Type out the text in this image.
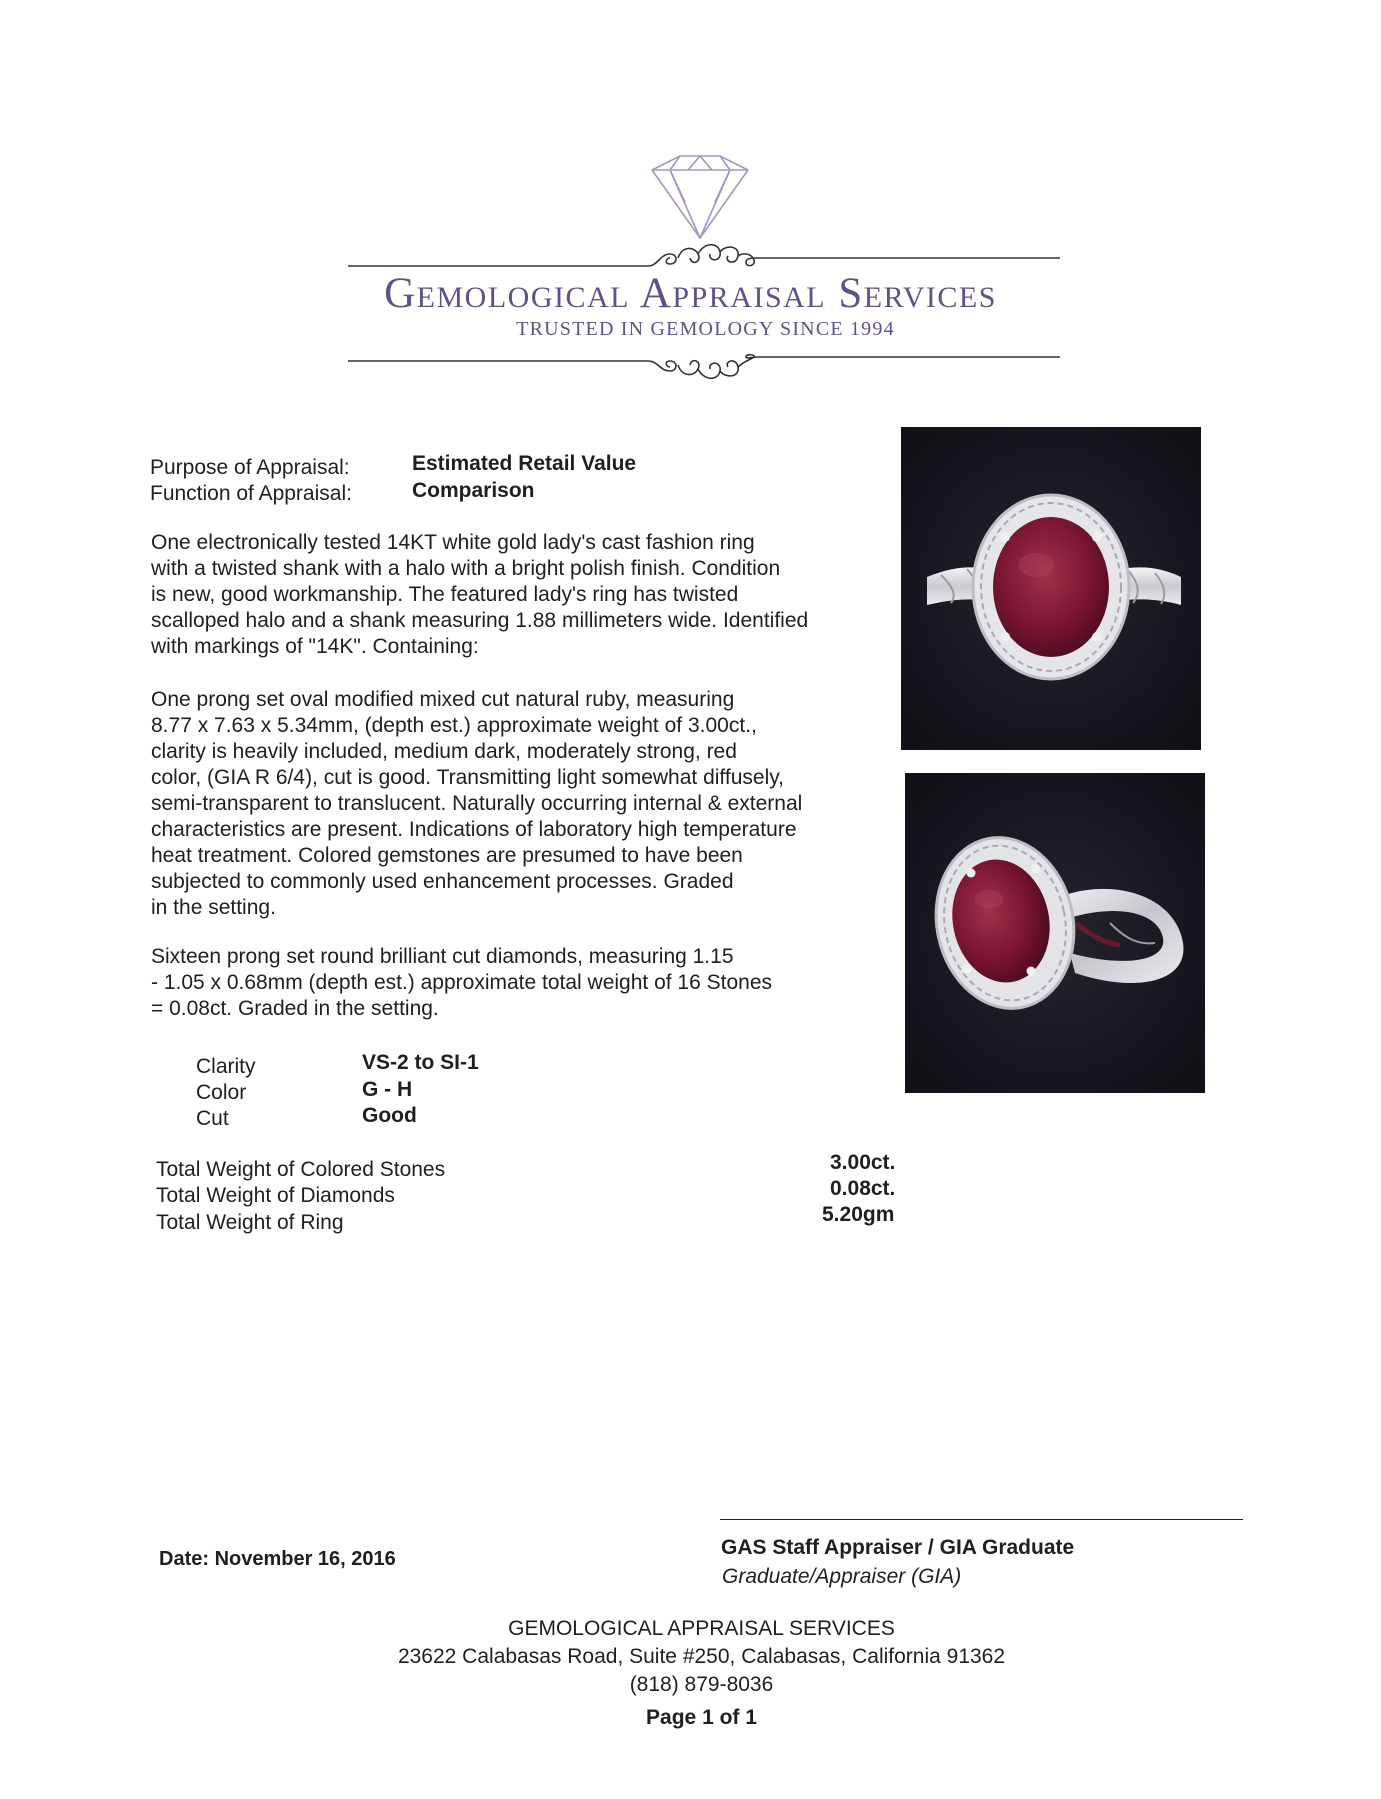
Gemological Appraisal Services
TRUSTED IN GEMOLOGY SINCE 1994
Purpose of Appraisal:	Estimated Retail Value
Function of Appraisal:	Comparison
One electronically tested 14KT white gold lady's cast fashion ring
with a twisted shank with a halo with a bright polish finish. Condition
is new, good workmanship. The featured lady's ring has twisted
scalloped halo and a shank measuring 1.88 millimeters wide. Identified
with markings of "14K". Containing:
One prong set oval modified mixed cut natural ruby, measuring
8.77 x 7.63 x 5.34mm, (depth est.) approximate weight of 3.00ct.,
clarity is heavily included, medium dark, moderately strong, red
color, (GIA R 6/4), cut is good. Transmitting light somewhat diffusely,
semi-transparent to translucent. Naturally occurring internal & external
characteristics are present. Indications of laboratory high temperature
heat treatment. Colored gemstones are presumed to have been
subjected to commonly used enhancement processes. Graded
in the setting.
Sixteen prong set round brilliant cut diamonds, measuring 1.15
- 1.05 x 0.68mm (depth est.) approximate total weight of 16 Stones
= 0.08ct. Graded in the setting.
Clarity	VS-2 to SI-1
Color	G - H
Cut	Good
Total Weight of Colored Stones	3.00ct.
Total Weight of Diamonds	0.08ct.
Total Weight of Ring	5.20gm
Date: November 16, 2016	GAS Staff Appraiser / GIA Graduate
Graduate/Appraiser (GIA)
GEMOLOGICAL APPRAISAL SERVICES
23622 Calabasas Road, Suite #250, Calabasas, California 91362
(818) 879-8036
Page 1 of 1
